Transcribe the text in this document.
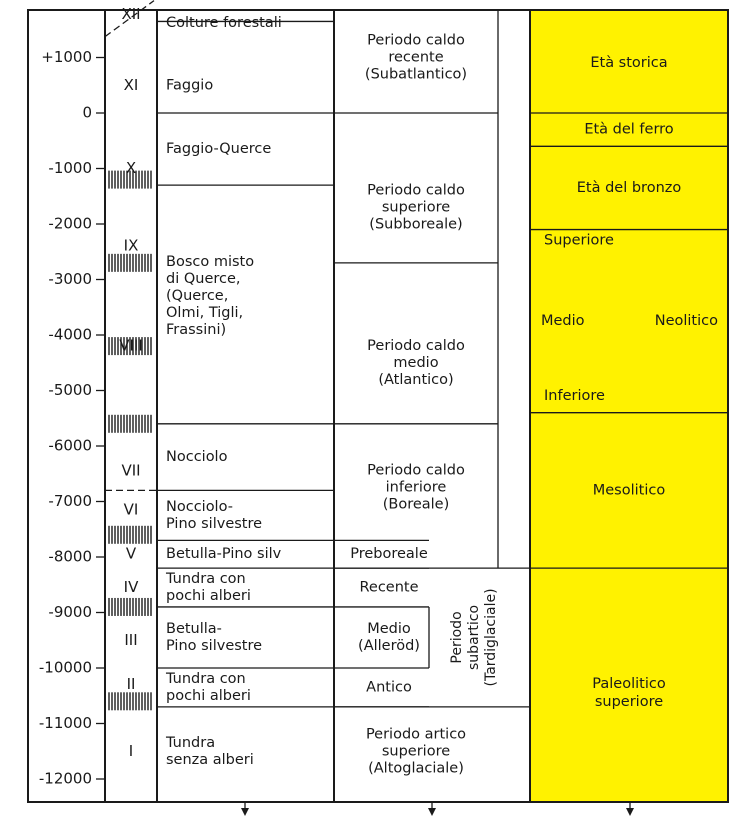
+1000
0
-1000
-2000
-3000
-4000
-5000
-6000
-7000
-8000
-9000
-10000
-11000
-12000
XII
XI
X
IX
VIII
VII
VI
V
IV
III
II
I
Colture forestali
Faggio
Faggio-Querce
Bosco misto
di Querce,
(Querce,
Olmi, Tigli,
Frassini)
Nocciolo
Nocciolo-
Pino silvestre
Betulla-Pino silv
Tundra con
pochi alberi
Betulla-
Pino silvestre
Tundra con
pochi alberi
Tundra
senza alberi
Periodo caldo
recente
(Subatlantico)
Periodo caldo
superiore
(Subboreale)
Periodo caldo
medio
(Atlantico)
Periodo caldo
inferiore
(Boreale)
Preboreale
Recente
Medio
(Alleröd)
Antico
Periodo artico
superiore
(Altoglaciale)
Periodo subartico (Tardiglaciale)
Età storica
Età del ferro
Età del bronzo
Superiore
Medio
Inferiore
Neolitico
Mesolitico
Paleolitico
superiore
